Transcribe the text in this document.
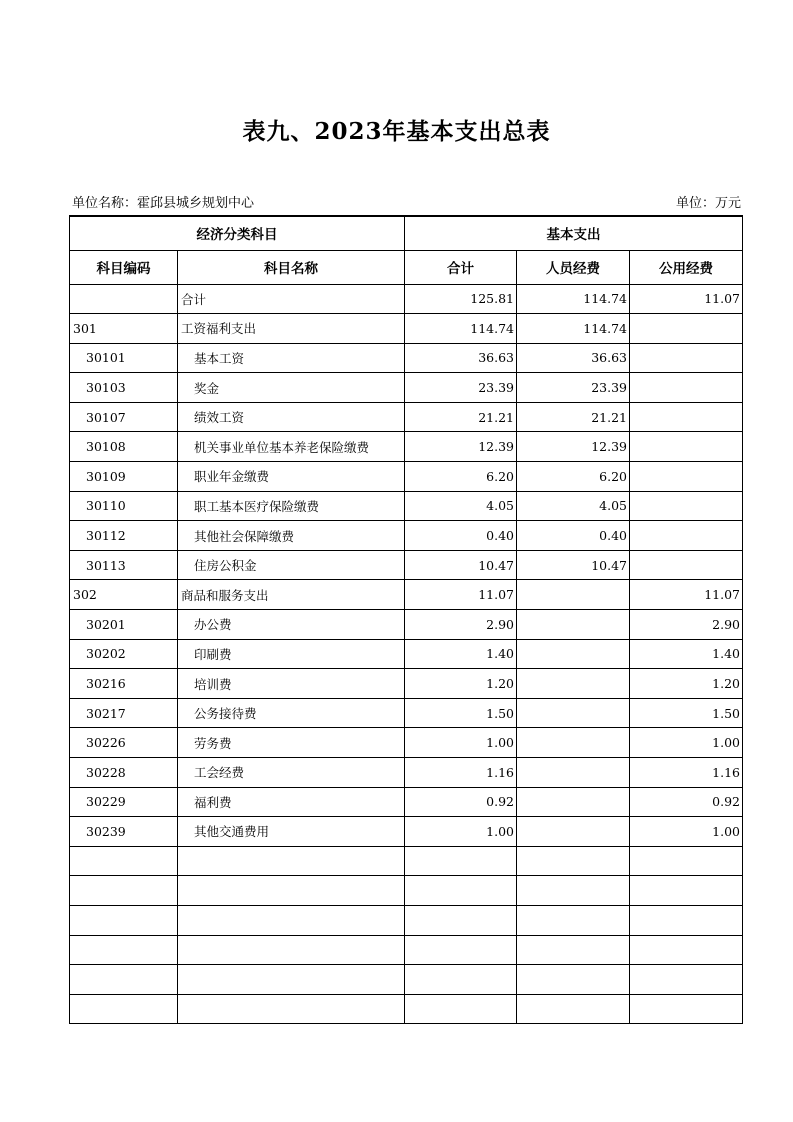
表九、2023年基本支出总表
单位名称：霍邱县城乡规划中心	单位：万元
经济分类科目		基本支出		
科目编码	科目名称	合计	人员经费	公用经费
	合计	125.81	114.74	11.07
301	工资福利支出	114.74	114.74	
30101	基本工资	36.63	36.63	
30103	奖金	23.39	23.39	
30107	绩效工资	21.21	21.21	
30108	机关事业单位基本养老保险缴费	12.39	12.39	
30109	职业年金缴费	6.20	6.20	
30110	职工基本医疗保险缴费	4.05	4.05	
30112	其他社会保障缴费	0.40	0.40	
30113	住房公积金	10.47	10.47	
302	商品和服务支出	11.07		11.07
30201	办公费	2.90		2.90
30202	印刷费	1.40		1.40
30216	培训费	1.20		1.20
30217	公务接待费	1.50		1.50
30226	劳务费	1.00		1.00
30228	工会经费	1.16		1.16
30229	福利费	0.92		0.92
30239	其他交通费用	1.00		1.00
